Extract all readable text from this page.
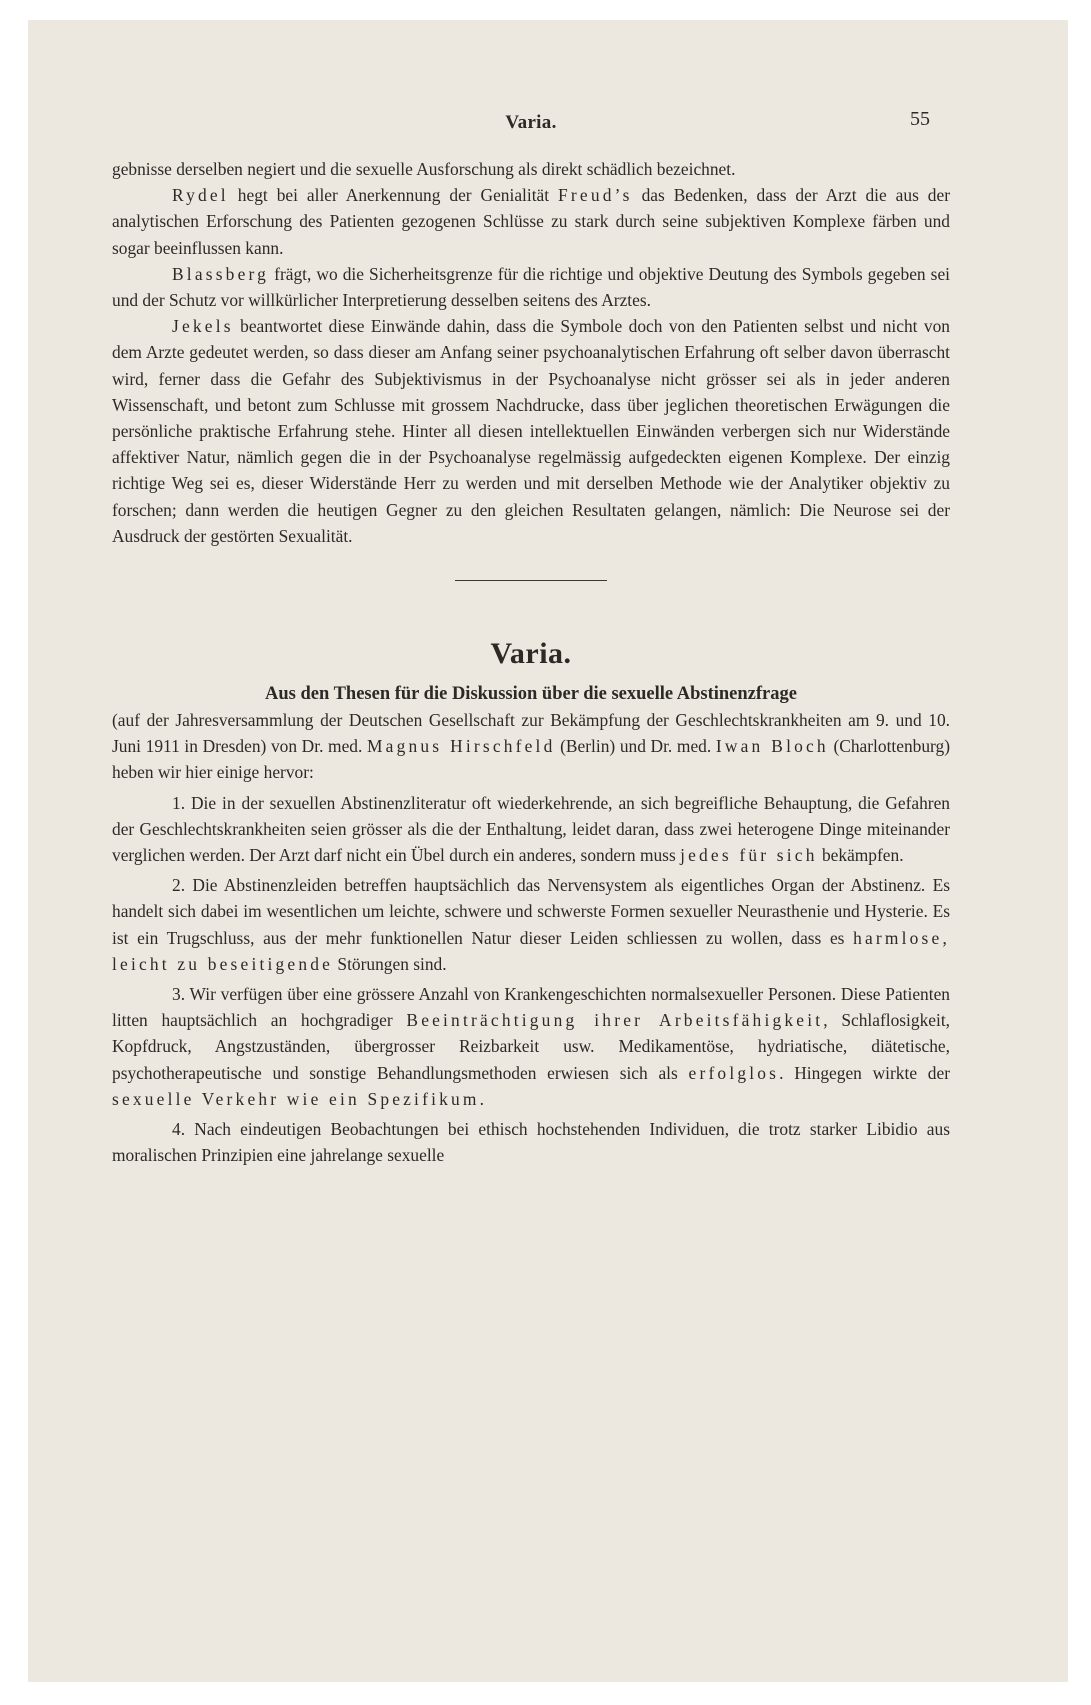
Varia.	55

gebnisse derselben negiert und die sexuelle Ausforschung als direkt schädlich bezeichnet.

Rydel hegt bei aller Anerkennung der Genialität Freud’s das Bedenken, dass der Arzt die aus der analytischen Erforschung des Patienten gezogenen Schlüsse zu stark durch seine subjektiven Komplexe färben und sogar beeinflussen kann.

Blassberg frägt, wo die Sicherheitsgrenze für die richtige und objektive Deutung des Symbols gegeben sei und der Schutz vor willkürlicher Interpretierung desselben seitens des Arztes.

Jekels beantwortet diese Einwände dahin, dass die Symbole doch von den Patienten selbst und nicht von dem Arzte gedeutet werden, so dass dieser am Anfang seiner psychoanalytischen Erfahrung oft selber davon überrascht wird, ferner dass die Gefahr des Subjektivismus in der Psychoanalyse nicht grösser sei als in jeder anderen Wissenschaft, und betont zum Schlusse mit grossem Nachdrucke, dass über jeglichen theoretischen Erwägungen die persönliche praktische Erfahrung stehe. Hinter all diesen intellektuellen Einwänden verbergen sich nur Widerstände affektiver Natur, nämlich gegen die in der Psychoanalyse regelmässig aufgedeckten eigenen Komplexe. Der einzig richtige Weg sei es, dieser Widerstände Herr zu werden und mit derselben Methode wie der Analytiker objektiv zu forschen; dann werden die heutigen Gegner zu den gleichen Resultaten gelangen, nämlich: Die Neurose sei der Ausdruck der gestörten Sexualität.

Varia.
Aus den Thesen für die Diskussion über die sexuelle Abstinenzfrage

(auf der Jahresversammlung der Deutschen Gesellschaft zur Bekämpfung der Geschlechtskrankheiten am 9. und 10. Juni 1911 in Dresden) von Dr. med. Magnus Hirschfeld (Berlin) und Dr. med. Iwan Bloch (Charlottenburg) heben wir hier einige hervor:

1. Die in der sexuellen Abstinenzliteratur oft wiederkehrende, an sich begreifliche Behauptung, die Gefahren der Geschlechtskrankheiten seien grösser als die der Enthaltung, leidet daran, dass zwei heterogene Dinge miteinander verglichen werden. Der Arzt darf nicht ein Übel durch ein anderes, sondern muss jedes für sich bekämpfen.

2. Die Abstinenzleiden betreffen hauptsächlich das Nervensystem als eigentliches Organ der Abstinenz. Es handelt sich dabei im wesentlichen um leichte, schwere und schwerste Formen sexueller Neurasthenie und Hysterie. Es ist ein Trugschluss, aus der mehr funktionellen Natur dieser Leiden schliessen zu wollen, dass es harmlose, leicht zu beseitigende Störungen sind.

3. Wir verfügen über eine grössere Anzahl von Krankengeschichten normalsexueller Personen. Diese Patienten litten hauptsächlich an hochgradiger Beeinträchtigung ihrer Arbeitsfähigkeit, Schlaflosigkeit, Kopfdruck, Angstzuständen, übergrosser Reizbarkeit usw. Medikamentöse, hydriatische, diätetische, psychotherapeutische und sonstige Behandlungsmethoden erwiesen sich als erfolglos. Hingegen wirkte der sexuelle Verkehr wie ein Spezifikum.

4. Nach eindeutigen Beobachtungen bei ethisch hochstehenden Individuen, die trotz starker Libidio aus moralischen Prinzipien eine jahrelange sexuelle
